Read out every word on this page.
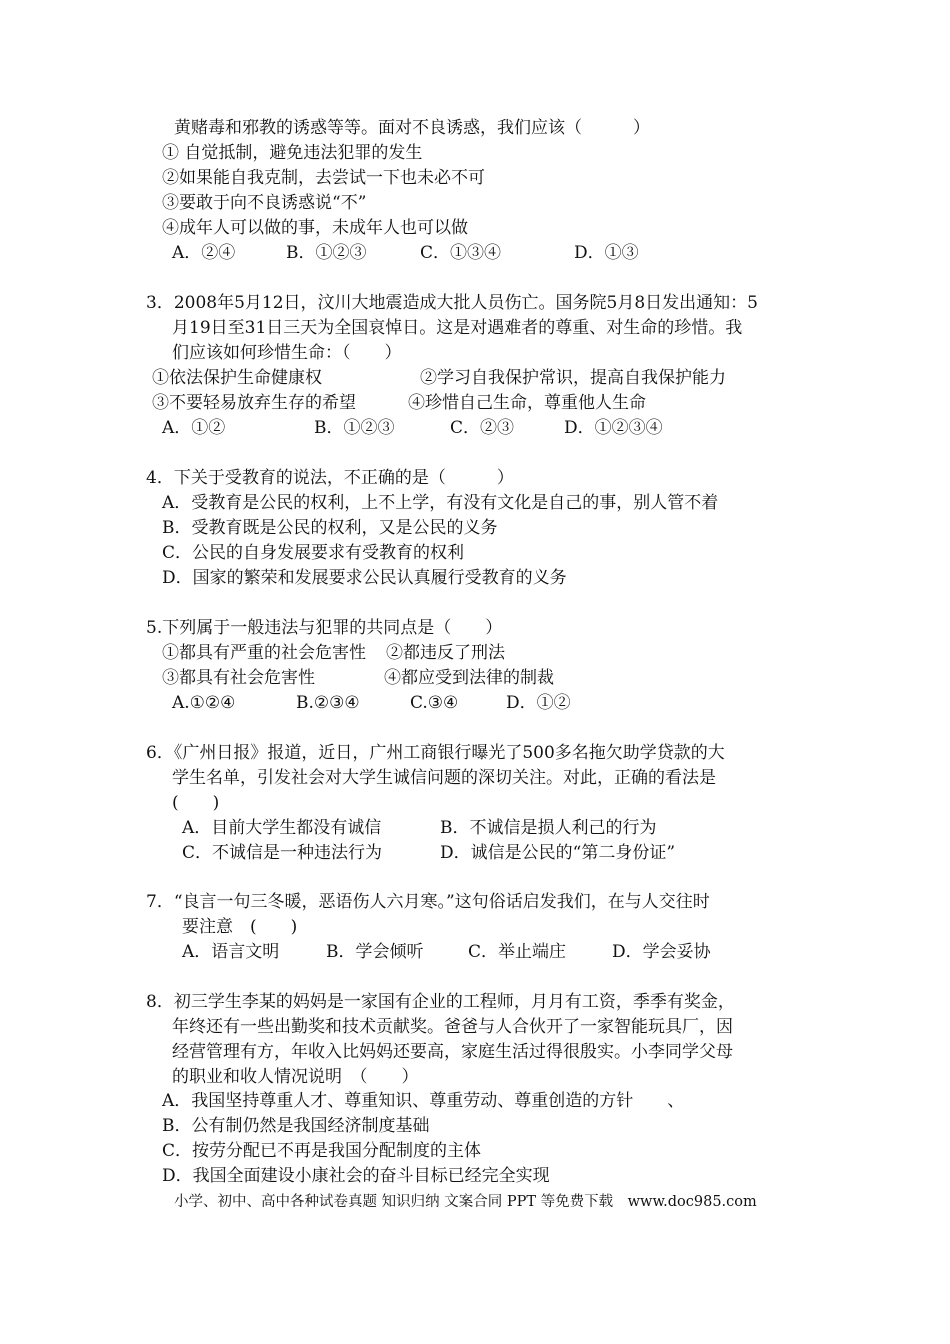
黄赌毒和邪教的诱惑等等。面对不良诱惑，我们应该（　　　）
① 自觉抵制，避免违法犯罪的发生
②如果能自我克制，去尝试一下也未必不可
③要敢于向不良诱惑说“不”
④成年人可以做的事，未成年人也可以做
A．②④	B．①②③	C．①③④	D．①③
3．2008年5月12日，汶川大地震造成大批人员伤亡。国务院5月8日发出通知：5
月19日至31日三天为全国哀悼日。这是对遇难者的尊重、对生命的珍惜。我
们应该如何珍惜生命：（　　）
①依法保护生命健康权	②学习自我保护常识，提高自我保护能力
③不要轻易放弃生存的希望	④珍惜自己生命，尊重他人生命
A．①②	B．①②③	C．②③	D．①②③④
4．下关于受教育的说法，不正确的是（　　　）
A．受教育是公民的权利，上不上学，有没有文化是自己的事，别人管不着
B．受教育既是公民的权利，又是公民的义务
C．公民的自身发展要求有受教育的权利
D．国家的繁荣和发展要求公民认真履行受教育的义务
5.下列属于一般违法与犯罪的共同点是（　　）
①都具有严重的社会危害性 ②都违反了刑法
③都具有社会危害性	④都应受到法律的制裁
A.①②④	B.②③④	C.③④	D．①②
6．《广州日报》报道，近日，广州工商银行曝光了500多名拖欠助学贷款的大
学生名单，引发社会对大学生诚信问题的深切关注。对此，正确的看法是
(　　)
A．目前大学生都没有诚信	B．不诚信是损人利己的行为
C．不诚信是一种违法行为	D．诚信是公民的“第二身份证”
7．“良言一句三冬暖，恶语伤人六月寒。”这句俗话启发我们，在与人交往时
要注意　(　　)
A．语言文明	B．学会倾听	C．举止端庄	D．学会妥协
8．初三学生李某的妈妈是一家国有企业的工程师，月月有工资，季季有奖金，
年终还有一些出勤奖和技术贡献奖。爸爸与人合伙开了一家智能玩具厂，因
经营管理有方，年收入比妈妈还要高，家庭生活过得很殷实。小李同学父母
的职业和收人情况说明　（　　）
A．我国坚持尊重人才、尊重知识、尊重劳动、尊重创造的方针　　、
B．公有制仍然是我国经济制度基础
C．按劳分配已不再是我国分配制度的主体
D．我国全面建设小康社会的奋斗目标已经完全实现
小学、初中、高中各种试卷真题 知识归纳 文案合同 PPT 等免费下载　www.doc985.com
